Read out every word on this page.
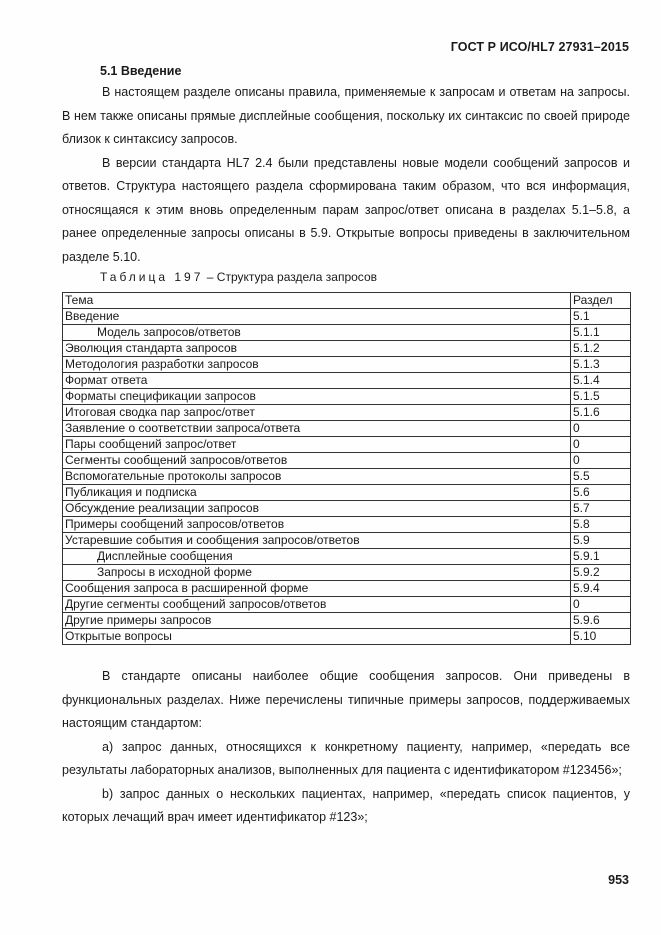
ГОСТ Р ИСО/HL7 27931–2015
5.1 Введение

В настоящем разделе описаны правила, применяемые к запросам и ответам на запросы. В нем также описаны прямые дисплейные сообщения, поскольку их синтаксис по своей природе близок к синтаксису запросов.

В версии стандарта HL7 2.4 были представлены новые модели сообщений запросов и ответов. Структура настоящего раздела сформирована таким образом, что вся информация, относящаяся к этим вновь определенным парам запрос/ответ описана в разделах 5.1–5.8, а ранее определенные запросы описаны в 5.9. Открытые вопросы приведены в заключительном разделе 5.10.

Таблица 197 – Структура раздела запросов
Тема	Раздел
Введение	5.1
Модель запросов/ответов	5.1.1
Эволюция стандарта запросов	5.1.2
Методология разработки запросов	5.1.3
Формат ответа	5.1.4
Форматы спецификации запросов	5.1.5
Итоговая сводка пар запрос/ответ	5.1.6
Заявление о соответствии запроса/ответа	0
Пары сообщений запрос/ответ	0
Сегменты сообщений запросов/ответов	0
Вспомогательные протоколы запросов	5.5
Публикация и подписка	5.6
Обсуждение реализации запросов	5.7
Примеры сообщений запросов/ответов	5.8
Устаревшие события и сообщения запросов/ответов	5.9
Дисплейные сообщения	5.9.1
Запросы в исходной форме	5.9.2
Сообщения запроса в расширенной форме	5.9.4
Другие сегменты сообщений запросов/ответов	0
Другие примеры запросов	5.9.6
Открытые вопросы	5.10

В стандарте описаны наиболее общие сообщения запросов. Они приведены в функциональных разделах. Ниже перечислены типичные примеры запросов, поддерживаемых настоящим стандартом:

а) запрос данных, относящихся к конкретному пациенту, например, «передать все результаты лабораторных анализов, выполненных для пациента с идентификатором #123456»;

b) запрос данных о нескольких пациентах, например, «передать список пациентов, у которых лечащий врач имеет идентификатор #123»;

953
